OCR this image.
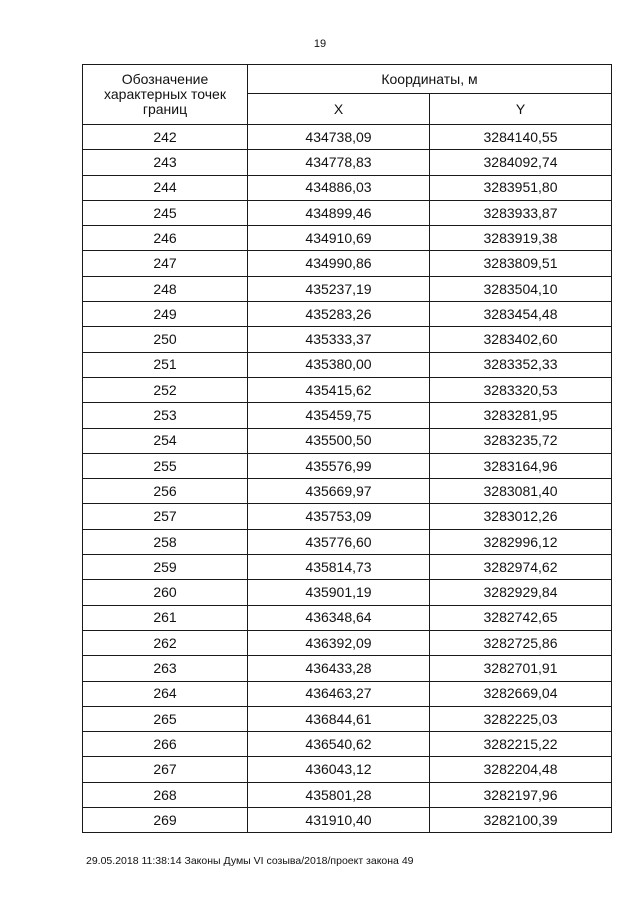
19
Обозначение характерных точек границ	Координаты, м	
	X	Y
242	434738,09	3284140,55
243	434778,83	3284092,74
244	434886,03	3283951,80
245	434899,46	3283933,87
246	434910,69	3283919,38
247	434990,86	3283809,51
248	435237,19	3283504,10
249	435283,26	3283454,48
250	435333,37	3283402,60
251	435380,00	3283352,33
252	435415,62	3283320,53
253	435459,75	3283281,95
254	435500,50	3283235,72
255	435576,99	3283164,96
256	435669,97	3283081,40
257	435753,09	3283012,26
258	435776,60	3282996,12
259	435814,73	3282974,62
260	435901,19	3282929,84
261	436348,64	3282742,65
262	436392,09	3282725,86
263	436433,28	3282701,91
264	436463,27	3282669,04
265	436844,61	3282225,03
266	436540,62	3282215,22
267	436043,12	3282204,48
268	435801,28	3282197,96
269	431910,40	3282100,39
29.05.2018 11:38:14 Законы Думы VI созыва/2018/проект закона 49
